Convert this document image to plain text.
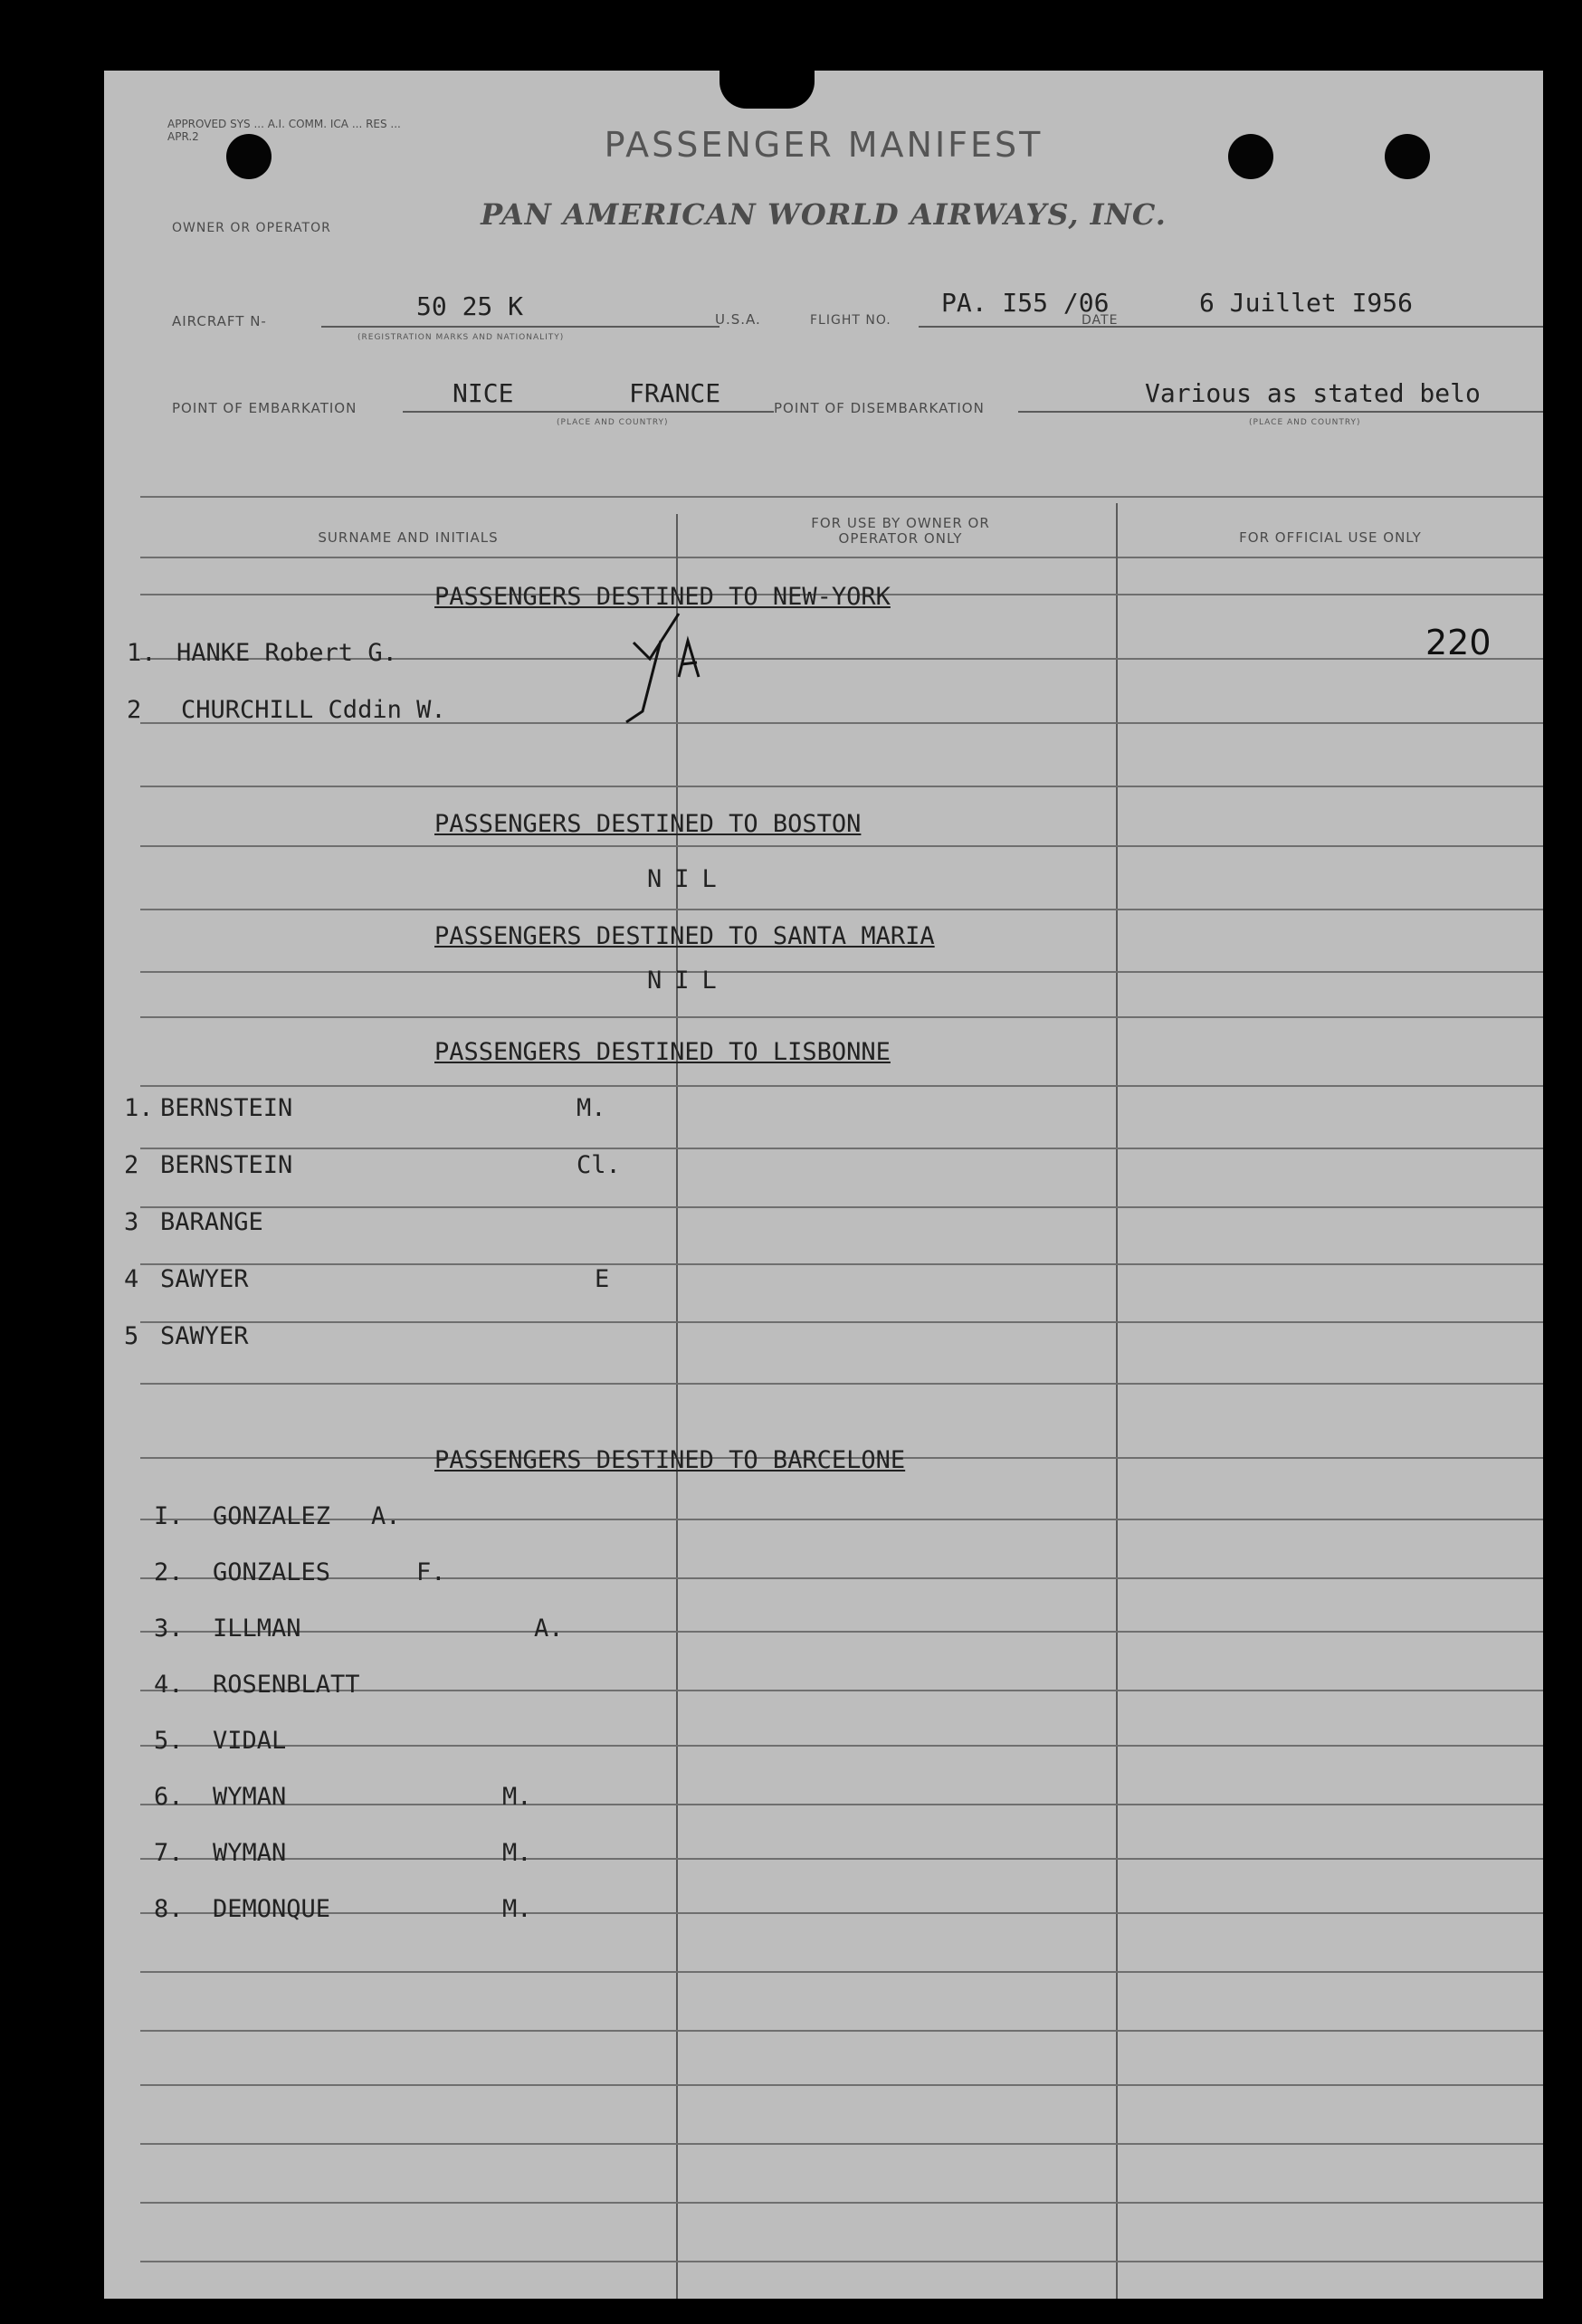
APPROVED SYS ... A.I. COMM. ICA ... RES ... APR.2	PASSENGER MANIFEST
PAN AMERICAN WORLD AIRWAYS, INC.
OWNER OR OPERATOR
AIRCRAFT N-	50 25 K
(REGISTRATION MARKS AND NATIONALITY)
U.S.A.	FLIGHT NO.
PA. I55 /06
DATE
6 Juillet I956
POINT OF EMBARKATION	NICE	FRANCE
(PLACE AND COUNTRY)
POINT OF DISEMBARKATION	Various as stated belo
(PLACE AND COUNTRY)
SURNAME AND INITIALS
FOR USE BY OWNER OR OPERATOR ONLY	FOR OFFICIAL USE ONLY
PASSENGERS DESTINED TO NEW-YORK
1. HANKE Robert G.
2 CHURCHILL Cddin W.
220
PASSENGERS DESTINED TO BOSTON
NIL
PASSENGERS DESTINED TO SANTA MARIA
NIL
PASSENGERS DESTINED TO LISBONNE
1. BERNSTEIN	M.
2 BERNSTEIN	Cl.
3 BARANGE
4 SAWYER	E
5 SAWYER
PASSENGERS DESTINED TO BARCELONE
I. GONZALEZ A.
2. GONZALES	F.
3. ILLMAN	A.
4. ROSENBLATT
5. VIDAL
6. WYMAN	M.
7. WYMAN	M.
8. DEMONQUE	M.
